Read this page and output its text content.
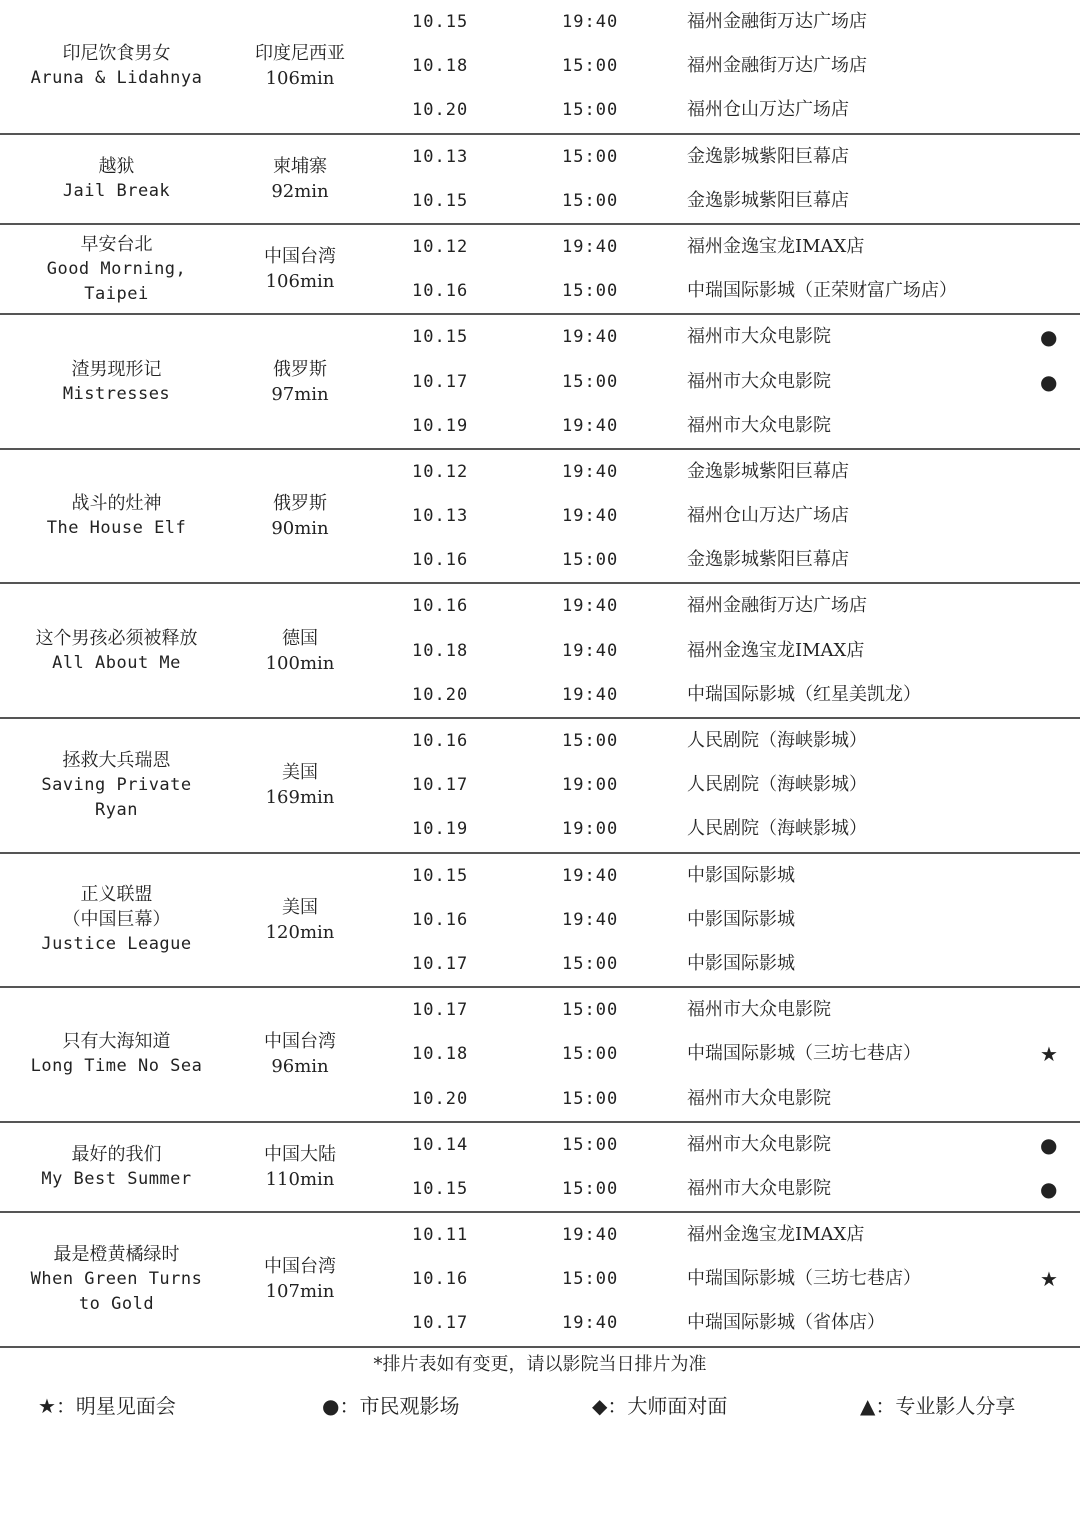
印尼饮食男女
Aruna & Lidahnya
印度尼西亚
106min
10.15	19:40	福州金融街万达广场店
10.18	15:00	福州金融街万达广场店
10.20	15:00	福州仓山万达广场店
越狱
Jail Break
柬埔寨
92min
10.13	15:00	金逸影城紫阳巨幕店
10.15	15:00	金逸影城紫阳巨幕店
早安台北
Good Morning,
Taipei
中国台湾
106min
10.12	19:40	福州金逸宝龙IMAX店
10.16	15:00	中瑞国际影城（正荣财富广场店）
渣男现形记
Mistresses
俄罗斯
97min
10.15	19:40	福州市大众电影院	●
10.17	15:00	福州市大众电影院	●
10.19	19:40	福州市大众电影院
战斗的灶神
The House Elf
俄罗斯
90min
10.12	19:40	金逸影城紫阳巨幕店
10.13	19:40	福州仓山万达广场店
10.16	15:00	金逸影城紫阳巨幕店
这个男孩必须被释放
All About Me
德国
100min
10.16	19:40	福州金融街万达广场店
10.18	19:40	福州金逸宝龙IMAX店
10.20	19:40	中瑞国际影城（红星美凯龙）
拯救大兵瑞恩
Saving Private
Ryan
美国
169min
10.16	15:00	人民剧院（海峡影城）
10.17	19:00	人民剧院（海峡影城）
10.19	19:00	人民剧院（海峡影城）
正义联盟
（中国巨幕）
Justice League
美国
120min
10.15	19:40	中影国际影城
10.16	19:40	中影国际影城
10.17	15:00	中影国际影城
只有大海知道
Long Time No Sea
中国台湾
96min
10.17	15:00	福州市大众电影院
10.18	15:00	中瑞国际影城（三坊七巷店）	★
10.20	15:00	福州市大众电影院
最好的我们
My Best Summer
中国大陆
110min
10.14	15:00	福州市大众电影院	●
10.15	15:00	福州市大众电影院	●
最是橙黄橘绿时
When Green Turns
to Gold
中国台湾
107min
10.11	19:40	福州金逸宝龙IMAX店
10.16	15:00	中瑞国际影城（三坊七巷店）	★
10.17	19:40	中瑞国际影城（省体店）
*排片表如有变更，请以影院当日排片为准
★：明星见面会	●：市民观影场	◆：大师面对面	▲：专业影人分享
